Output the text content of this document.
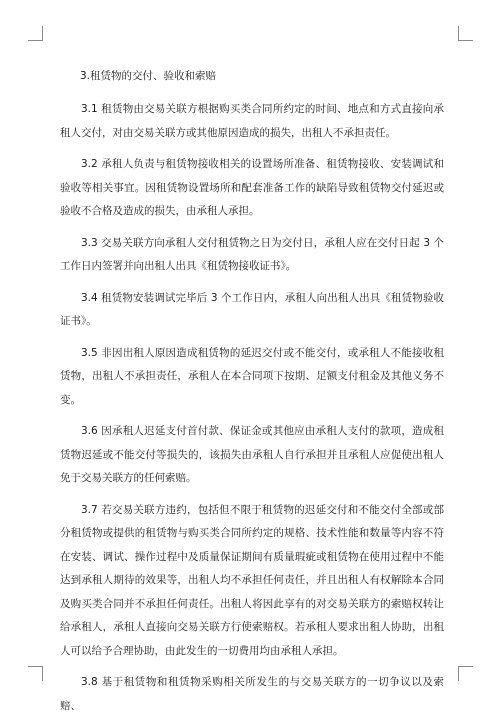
3.租赁物的交付、验收和索赔

3.1 租赁物由交易关联方根据购买类合同所约定的时间、地点和方式直接向承租人交付，对由交易关联方或其他原因造成的损失，出租人不承担责任。

3.2 承租人负责与租赁物接收相关的设置场所准备、租赁物接收、安装调试和验收等相关事宜。因租赁物设置场所和配套准备工作的缺陷导致租赁物交付延迟或验收不合格及造成的损失，由承租人承担。

3.3 交易关联方向承租人交付租赁物之日为交付日，承租人应在交付日起 3 个工作日内签署并向出租人出具《租赁物接收证书》。

3.4 租赁物安装调试完毕后 3 个工作日内，承租人向出租人出具《租赁物验收证书》。

3.5 非因出租人原因造成租赁物的延迟交付或不能交付，或承租人不能接收租赁物，出租人不承担责任，承租人在本合同项下按期、足额支付租金及其他义务不变。

3.6 因承租人迟延支付首付款、保证金或其他应由承租人支付的款项，造成租赁物迟延或不能交付等损失的，该损失由承租人自行承担并且承租人应促使出租人免于交易关联方的任何索赔。

3.7 若交易关联方违约，包括但不限于租赁物的迟延交付和不能交付全部或部分租赁物或提供的租赁物与购买类合同所约定的规格、技术性能和数量等内容不符在安装、调试、操作过程中及质量保证期间有质量瑕疵或租赁物在使用过程中不能达到承租人期待的效果等，出租人均不承担任何责任，并且出租人有权解除本合同及购买类合同并不承担任何责任。出租人将因此享有的对交易关联方的索赔权转让给承租人，承租人直接向交易关联方行使索赔权。若承租人要求出租人协助，出租人可以给予合理协助，由此发生的一切费用均由承租人承担。

3.8 基于租赁物和租赁物采购相关所发生的与交易关联方的一切争议以及索赔、
